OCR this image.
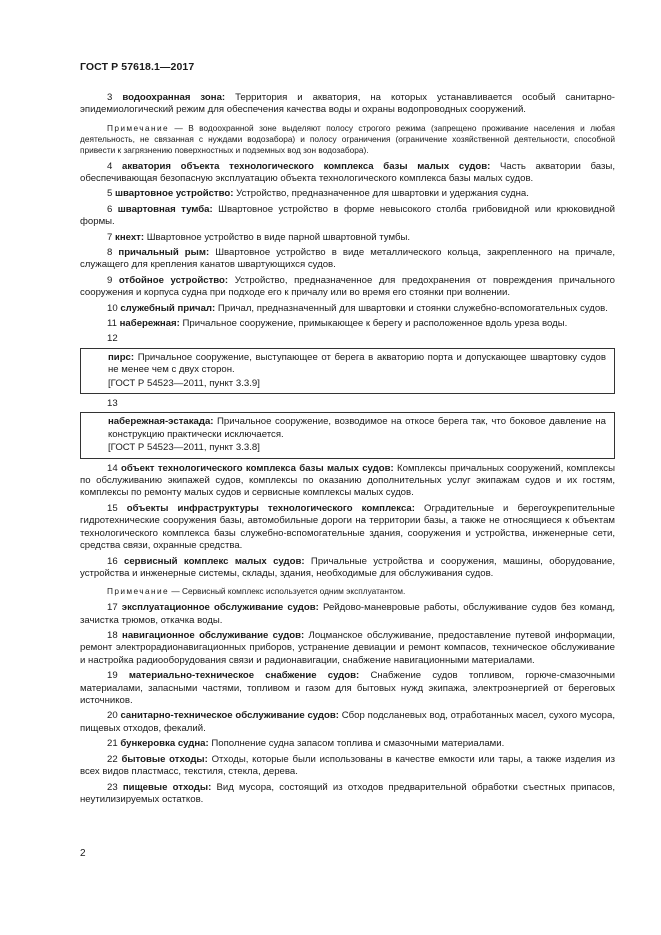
ГОСТ Р 57618.1—2017

3 водоохранная зона: Территория и акватория, на которых устанавливается особый санитарно-эпидемиологический режим для обеспечения качества воды и охраны водопроводных сооружений.

Примечание — В водоохранной зоне выделяют полосу строгого режима (запрещено проживание населения и любая деятельность, не связанная с нуждами водозабора) и полосу ограничения (ограничение хозяйственной деятельности, способной привести к загрязнению поверхностных и подземных вод зон водозабора).

4 акватория объекта технологического комплекса базы малых судов: Часть акватории базы, обеспечивающая безопасную эксплуатацию объекта технологического комплекса базы малых судов.

5 швартовное устройство: Устройство, предназначенное для швартовки и удержания судна.

6 швартовная тумба: Швартовное устройство в форме невысокого столба грибовидной или крюковидной формы.

7 кнехт: Швартовное устройство в виде парной швартовной тумбы.

8 причальный рым: Швартовное устройство в виде металлического кольца, закрепленного на причале, служащего для крепления канатов швартующихся судов.

9 отбойное устройство: Устройство, предназначенное для предохранения от повреждения причального сооружения и корпуса судна при подходе его к причалу или во время его стоянки при волнении.

10 служебный причал: Причал, предназначенный для швартовки и стоянки служебно-вспомогательных судов.

11 набережная: Причальное сооружение, примыкающее к берегу и расположенное вдоль уреза воды.

12

пирс: Причальное сооружение, выступающее от берега в акваторию порта и допускающее швартовку судов не менее чем с двух сторон.

[ГОСТ Р 54523—2011, пункт 3.3.9]

13

набережная-эстакада: Причальное сооружение, возводимое на откосе берега так, что боковое давление на конструкцию практически исключается.

[ГОСТ Р 54523—2011, пункт 3.3.8]

14 объект технологического комплекса базы малых судов: Комплексы причальных сооружений, комплексы по обслуживанию экипажей судов, комплексы по оказанию дополнительных услуг экипажам судов и их гостям, комплексы по ремонту малых судов и сервисные комплексы малых судов.

15 объекты инфраструктуры технологического комплекса: Оградительные и берегоукрепительные гидротехнические сооружения базы, автомобильные дороги на территории базы, а также не относящиеся к объектам технологического комплекса базы служебно-вспомогательные здания, сооружения и устройства, инженерные сети, средства связи, охранные средства.

16 сервисный комплекс малых судов: Причальные устройства и сооружения, машины, оборудование, устройства и инженерные системы, склады, здания, необходимые для обслуживания судов.

Примечание — Сервисный комплекс используется одним эксплуатантом.

17 эксплуатационное обслуживание судов: Рейдово-маневровые работы, обслуживание судов без команд, зачистка трюмов, откачка воды.

18 навигационное обслуживание судов: Лоцманское обслуживание, предоставление путевой информации, ремонт электрорадионавигационных приборов, устранение девиации и ремонт компасов, техническое обслуживание и настройка радиооборудования связи и радионавигации, снабжение навигационными материалами.

19 материально-техническое снабжение судов: Снабжение судов топливом, горюче-смазочными материалами, запасными частями, топливом и газом для бытовых нужд экипажа, электроэнергией от береговых источников.

20 санитарно-техническое обслуживание судов: Сбор подсланевых вод, отработанных масел, сухого мусора, пищевых отходов, фекалий.

21 бункеровка судна: Пополнение судна запасом топлива и смазочными материалами.

22 бытовые отходы: Отходы, которые были использованы в качестве емкости или тары, а также изделия из всех видов пластмасс, текстиля, стекла, дерева.

23 пищевые отходы: Вид мусора, состоящий из отходов предварительной обработки съестных припасов, неутилизируемых остатков.

2
